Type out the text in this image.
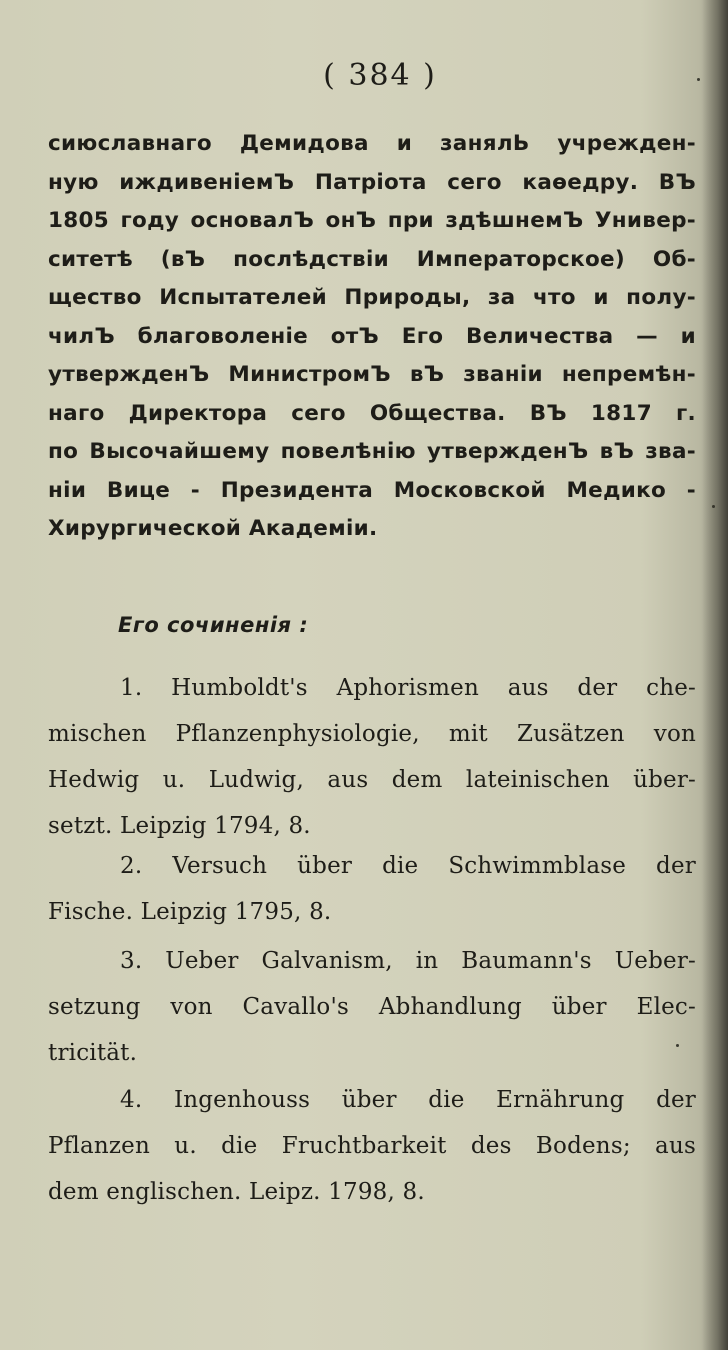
( 384 )
сиюславнаго Демидова и занялЬ учрежден-
ную иждивенiемЪ Патрiота сего каѳедру. ВЪ
1805 году основалЪ онЪ при здѣшнемЪ Универ-
ситетѣ (вЪ послѣдствiи Императорское) Об-
щество Испытателей Природы, за что и полу-
чилЪ благоволенiе отЪ Его Величества — и
утвержденЪ МинистромЪ вЪ званiи непремѣн-
наго Директора сего Общества. ВЪ 1817 г.
по Высочайшему повелѣнiю утвержденЪ вЪ зва-
нiи Вице - Президента Московской Медико -
Хирургической Академiи.
Его сочиненiя :
1. Humboldt's Aphorismen aus der che-
mischen Pflanzenphysiologie, mit Zusätzen von
Hedwig u. Ludwig, aus dem lateinischen über-
setzt. Leipzig 1794, 8.
2. Versuch über die Schwimmblase der
Fische. Leipzig 1795, 8.
3. Ueber Galvanism, in Baumann's Ueber-
setzung von Cavallo's Abhandlung über Elec-
tricität.
4. Ingenhouss über die Ernährung der
Pflanzen u. die Fruchtbarkeit des Bodens; aus
dem englischen. Leipz. 1798, 8.
